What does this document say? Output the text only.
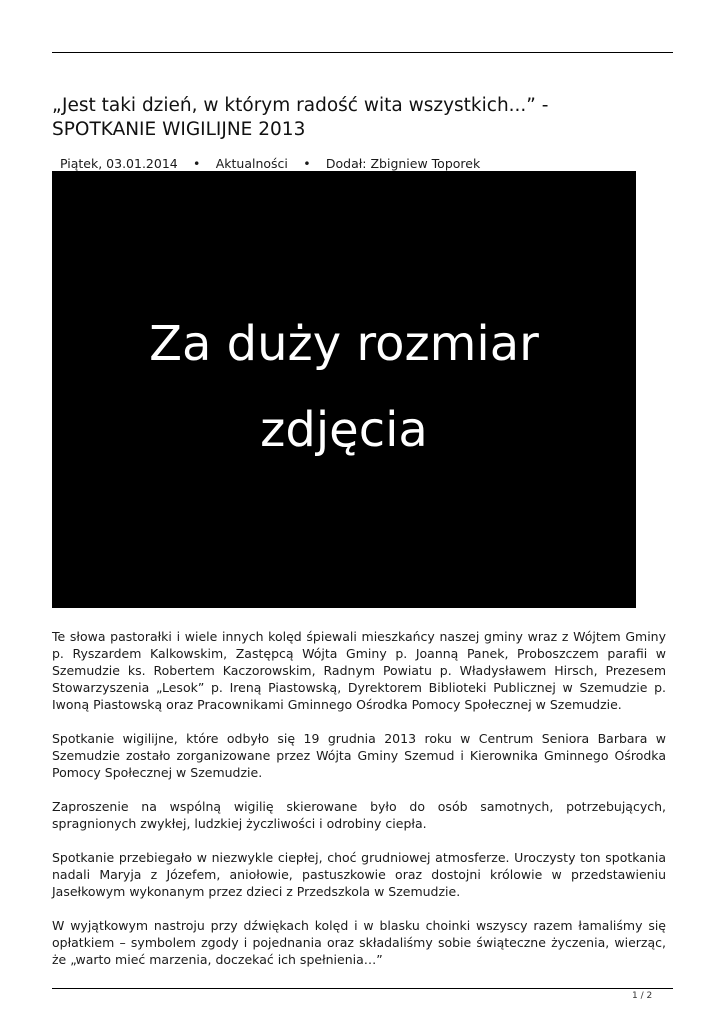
„Jest taki dzień, w którym radość wita wszystkich...” -
SPOTKANIE WIGILIJNE 2013
Piątek, 03.01.2014 • Aktualności • Dodał: Zbigniew Toporek
Za duży rozmiar
zdjęcia

Te słowa pastorałki i wiele innych kolęd śpiewali mieszkańcy naszej gminy wraz z Wójtem Gminy p. Ryszardem Kalkowskim, Zastępcą Wójta Gminy p. Joanną Panek, Proboszczem parafii w Szemudzie ks. Robertem Kaczorowskim, Radnym Powiatu p. Władysławem Hirsch, Prezesem Stowarzyszenia „Lesok” p. Ireną Piastowską, Dyrektorem Biblioteki Publicznej w Szemudzie p. Iwoną Piastowską oraz Pracownikami Gminnego Ośrodka Pomocy Społecznej w Szemudzie.

Spotkanie wigilijne, które odbyło się 19 grudnia 2013 roku w Centrum Seniora Barbara w Szemudzie zostało zorganizowane przez Wójta Gminy Szemud i Kierownika Gminnego Ośrodka Pomocy Społecznej w Szemudzie.

Zaproszenie na wspólną wigilię skierowane było do osób samotnych, potrzebujących, spragnionych zwykłej, ludzkiej życzliwości i odrobiny ciepła.

Spotkanie przebiegało w niezwykle ciepłej, choć grudniowej atmosferze. Uroczysty ton spotkania nadali Maryja z Józefem, aniołowie, pastuszkowie oraz dostojni królowie w przedstawieniu Jasełkowym wykonanym przez dzieci z Przedszkola w Szemudzie.

W wyjątkowym nastroju przy dźwiękach kolęd i w blasku choinki wszyscy razem łamaliśmy się opłatkiem – symbolem zgody i pojednania oraz składaliśmy sobie świąteczne życzenia, wierząc, że „warto mieć marzenia, doczekać ich spełnienia…”

1 / 2
